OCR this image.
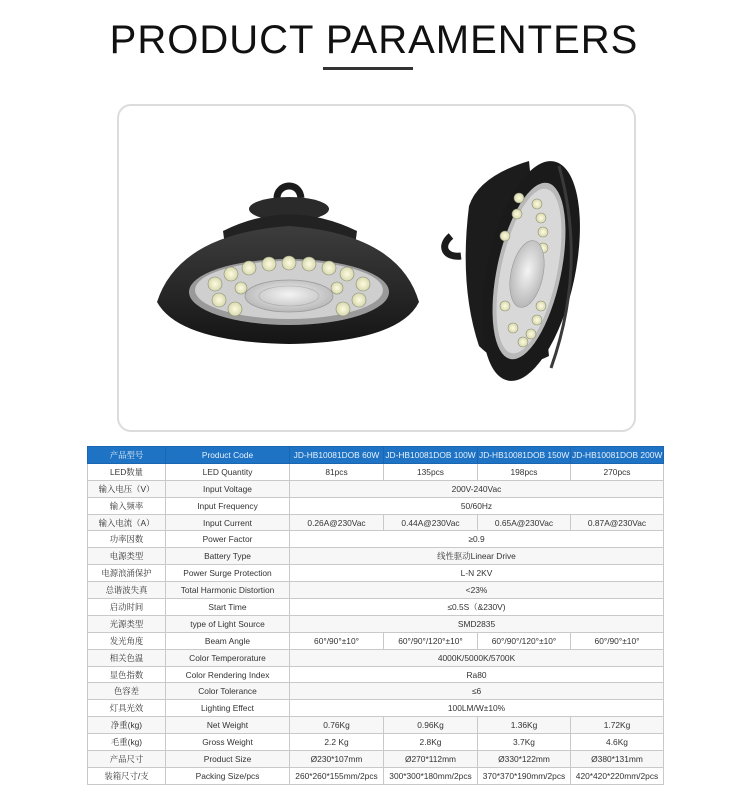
PRODUCT PARAMENTERS
产品型号	Product Code	JD-HB10081DOB 60W	JD-HB10081DOB 100W	JD-HB10081DOB 150W	JD-HB10081DOB 200W
LED数量	LED Quantity	81pcs	135pcs	198pcs	270pcs
输入电压（V）	Input Voltage	200V-240Vac			
输入频率	Input Frequency	50/60Hz			
输入电流（A）	Input Current	0.26A@230Vac	0.44A@230Vac	0.65A@230Vac	0.87A@230Vac
功率因数	Power Factor	≥0.9			
电源类型	Battery Type	线性驱动Linear Drive			
电源浪涌保护	Power Surge Protection	L-N 2KV			
总谐波失真	Total Harmonic Distortion	<23%			
启动时间	Start Time	≤0.5S（&230V)			
光源类型	type of Light Source	SMD2835			
发光角度	Beam Angle	60°/90°±10°	60°/90°/120°±10°	60°/90°/120°±10°	60°/90°±10°
相关色温	Color Temperorature	4000K/5000K/5700K			
显色指数	Color Rendering Index	Ra80			
色容差	Color Tolerance	≤6			
灯具光效	Lighting Effect	100LM/W±10%			
净重(kg)	Net Weight	0.76Kg	0.96Kg	1.36Kg	1.72Kg
毛重(kg)	Gross Weight	2.2 Kg	2.8Kg	3.7Kg	4.6Kg
产品尺寸	Product Size	Ø230*107mm	Ø270*112mm	Ø330*122mm	Ø380*131mm
装箱尺寸/支	Packing Size/pcs	260*260*155mm/2pcs	300*300*180mm/2pcs	370*370*190mm/2pcs	420*420*220mm/2pcs
